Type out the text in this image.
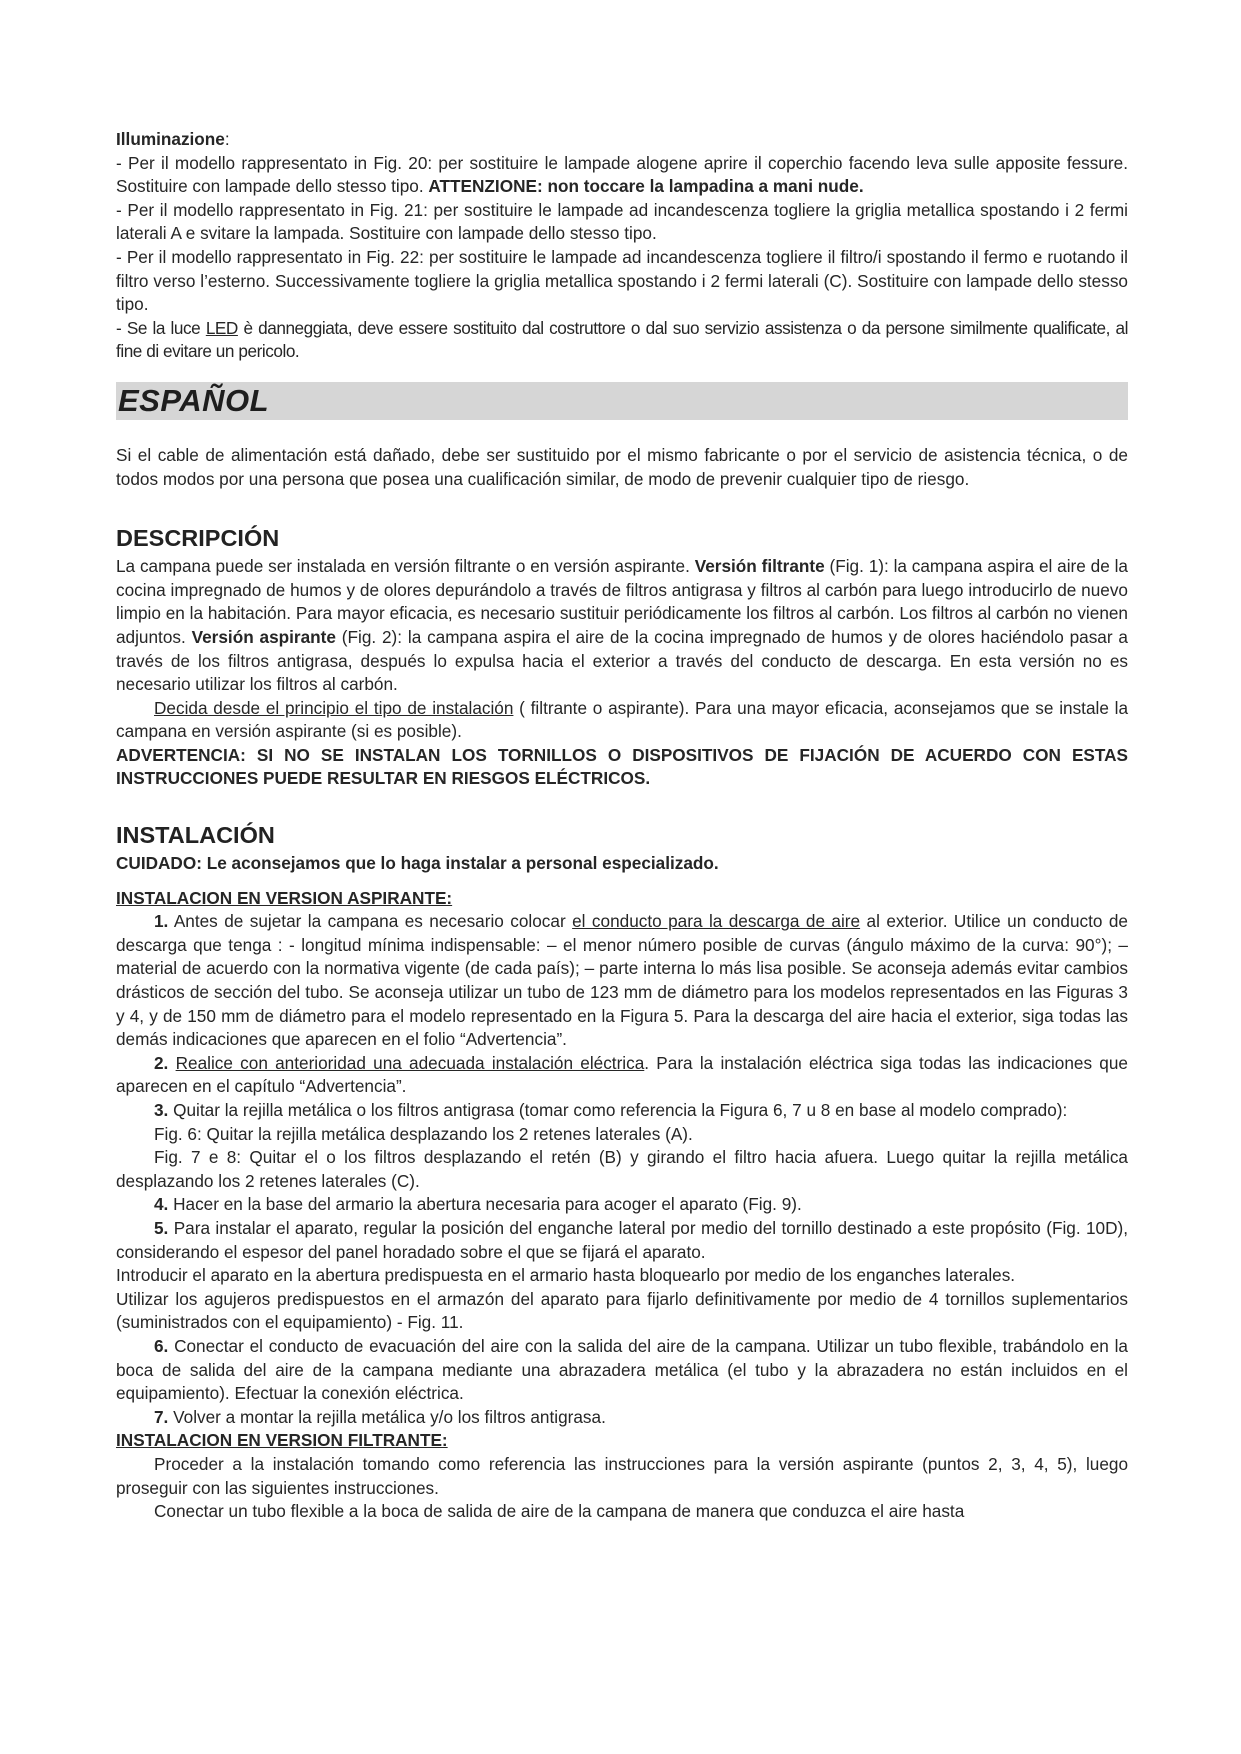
Illuminazione:

- Per il modello rappresentato in Fig. 20: per sostituire le lampade alogene aprire il coperchio facendo leva sulle apposite fessure. Sostituire con lampade dello stesso tipo. ATTENZIONE: non toccare la lampadina a mani nude.

- Per il modello rappresentato in Fig. 21: per sostituire le lampade ad incandescenza togliere la griglia metallica spostando i 2 fermi laterali A e svitare la lampada. Sostituire con lampade dello stesso tipo.

- Per il modello rappresentato in Fig. 22: per sostituire le lampade ad incandescenza togliere il filtro/i spostando il fermo e ruotando il filtro verso l’esterno. Successivamente togliere la griglia metallica spostando i 2 fermi laterali (C). Sostituire con lampade dello stesso tipo.

- Se la luce LED è danneggiata, deve essere sostituito dal costruttore o dal suo servizio assistenza o da persone similmente qualificate, al fine di evitare un pericolo.

ESPAÑOL

Si el cable de alimentación está dañado, debe ser sustituido por el mismo fabricante o por el servicio de asistencia técnica, o de todos modos por una persona que posea una cualificación similar, de modo de prevenir cualquier tipo de riesgo.

DESCRIPCIÓN

La campana puede ser instalada en versión filtrante o en versión aspirante. Versión filtrante (Fig. 1): la campana aspira el aire de la cocina impregnado de humos y de olores depurándolo a través de filtros antigrasa y filtros al carbón para luego introducirlo de nuevo limpio en la habitación. Para mayor eficacia, es necesario sustituir periódicamente los filtros al carbón. Los filtros al carbón no vienen adjuntos. Versión aspirante (Fig. 2): la campana aspira el aire de la cocina impregnado de humos y de olores haciéndolo pasar a través de los filtros antigrasa, después lo expulsa hacia el exterior a través del conducto de descarga. En esta versión no es necesario utilizar los filtros al carbón.

Decida desde el principio el tipo de instalación ( filtrante o aspirante). Para una mayor eficacia, aconsejamos que se instale la campana en versión aspirante (si es posible).

ADVERTENCIA: SI NO SE INSTALAN LOS TORNILLOS O DISPOSITIVOS DE FIJACIÓN DE ACUERDO CON ESTAS INSTRUCCIONES PUEDE RESULTAR EN RIESGOS ELÉCTRICOS.

INSTALACIÓN

CUIDADO: Le aconsejamos que lo haga instalar a personal especializado.

INSTALACION EN VERSION ASPIRANTE:

1. Antes de sujetar la campana es necesario colocar el conducto para la descarga de aire al exterior. Utilice un conducto de descarga que tenga : - longitud mínima indispensable: – el menor número posible de curvas (ángulo máximo de la curva: 90°); – material de acuerdo con la normativa vigente (de cada país); – parte interna lo más lisa posible. Se aconseja además evitar cambios drásticos de sección del tubo. Se aconseja utilizar un tubo de 123 mm de diámetro para los modelos representados en las Figuras 3 y 4, y de 150 mm de diámetro para el modelo representado en la Figura 5. Para la descarga del aire hacia el exterior, siga todas las demás indicaciones que aparecen en el folio “Advertencia”.

2. Realice con anterioridad una adecuada instalación eléctrica. Para la instalación eléctrica siga todas las indicaciones que aparecen en el capítulo “Advertencia”.

3. Quitar la rejilla metálica o los filtros antigrasa (tomar como referencia la Figura 6, 7 u 8 en base al modelo comprado):

Fig. 6: Quitar la rejilla metálica desplazando los 2 retenes laterales (A).

Fig. 7 e 8: Quitar el o los filtros desplazando el retén (B) y girando el filtro hacia afuera. Luego quitar la rejilla metálica desplazando los 2 retenes laterales (C).

4. Hacer en la base del armario la abertura necesaria para acoger el aparato (Fig. 9).

5. Para instalar el aparato, regular la posición del enganche lateral por medio del tornillo destinado a este propósito (Fig. 10D), considerando el espesor del panel horadado sobre el que se fijará el aparato.

Introducir el aparato en la abertura predispuesta en el armario hasta bloquearlo por medio de los enganches laterales.

Utilizar los agujeros predispuestos en el armazón del aparato para fijarlo definitivamente por medio de 4 tornillos suplementarios (suministrados con el equipamiento) - Fig. 11.

6. Conectar el conducto de evacuación del aire con la salida del aire de la campana. Utilizar un tubo flexible, trabándolo en la boca de salida del aire de la campana mediante una abrazadera metálica (el tubo y la abrazadera no están incluidos en el equipamiento). Efectuar la conexión eléctrica.

7. Volver a montar la rejilla metálica y/o los filtros antigrasa.

INSTALACION EN VERSION FILTRANTE:

Proceder a la instalación tomando como referencia las instrucciones para la versión aspirante (puntos 2, 3, 4, 5), luego proseguir con las siguientes instrucciones.

Conectar un tubo flexible a la boca de salida de aire de la campana de manera que conduzca el aire hasta
